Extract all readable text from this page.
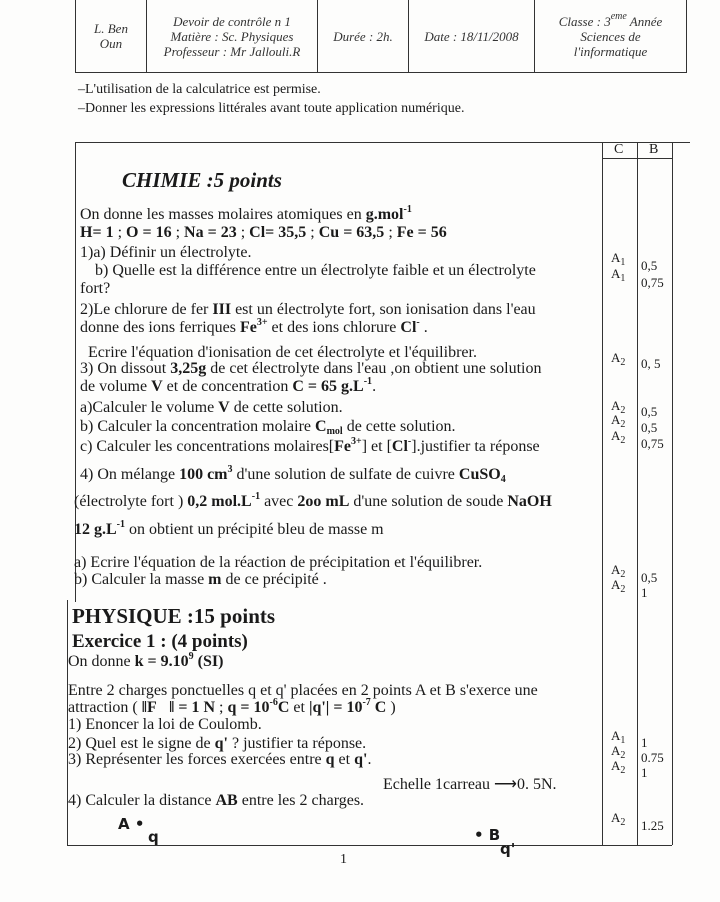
L. Ben
Oun
Devoir de contrôle n 1
Matière : Sc. Physiques
Professeur : Mr Jallouli.R
Durée : 2h. Date : 18/11/2008
Classe : 3eme Année
Sciences de
l'informatique
–L'utilisation de la calculatrice est permise.
–Donner les expressions littérales avant toute application numérique.
C B
CHIMIE :5 points
On donne les masses molaires atomiques en g.mol$^{-1}$
H= 1 ; O = 16 ; Na = 23 ; Cl= 35,5 ; Cu = 63,5 ; Fe = 56
1)a) Définir un électrolyte.
b) Quelle est la différence entre un électrolyte faible et un électrolyte
fort?
2)Le chlorure de fer III est un électrolyte fort, son ionisation dans l'eau
donne des ions ferriques $Fe^{3+}$ et des ions chlorure Cl- .
Ecrire l'équation d'ionisation de cet électrolyte et l'équilibrer.
3) On dissout 3,25g de cet électrolyte dans l'eau ,on obtient une solution
de volume V et de concentration C = 65 $g.L^{-1}$.
a)Calculer le volume V de cette solution.
b) Calculer la concentration molaire $C_{mol}$ de cette solution.
c) Calculer les concentrations $molaires[Fe^{3+}]$ et [Cl-].justifier ta réponse
4) On mélange 100 $cm^3$ d'une solution de sulfate de cuivre CuSO$_4$
(électrolyte fort ) 0,2 $mol.L^{-1}$ avec 2oo mL d'une solution de soude NaOH
12 $g.L^{-1}$ on obtient un précipité bleu de masse m
a) Ecrire l'équation de la réaction de précipitation et l'équilibrer.
b) Calculer la masse m de ce précipité .
PHYSIQUE :15 points
Exercice 1 : (4 points)
On donne $k = 9.10^9$ (SI)
Entre 2 charges ponctuelles q et q' placées en 2 points A et B s'exerce une
attraction ( ‖F⃗‖ = 1 N ; $q = 10^{-6}C$ et $|q'| = 10^{-7}$ C )
1) Enoncer la loi de Coulomb.
2) Quel est le signe de q' ? justifier ta réponse.
3) Représenter les forces exercées entre q et q'.
Echelle 1carreau ⟶0. 5N.
4) Calculer la distance AB entre les 2 charges.
$A_1$
$A_1$
$A_2$
$A_2$
$A_2$
$A_2$
$A_2$
$A_2$
$A_1$
$A_2$
$A_2$
$A_2$
0,5
0,75
0, 5
0,5
0,5
0,75
0,5
1
1
0.75
1
1.25
A •
q	• B
q'
1
